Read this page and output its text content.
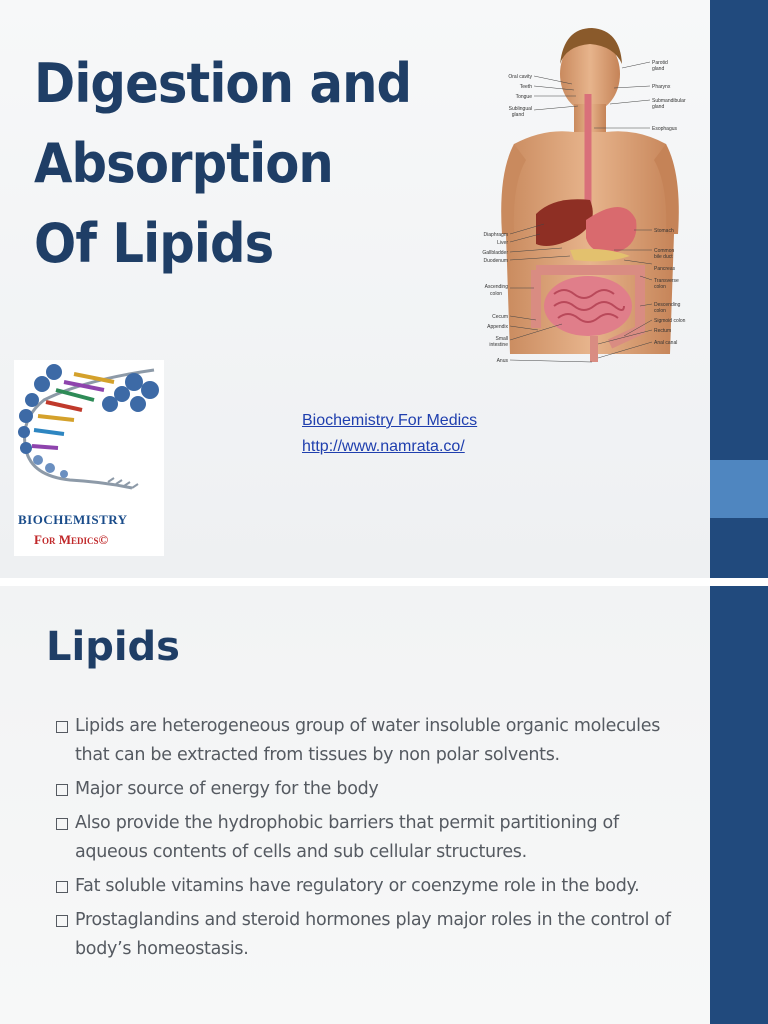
Digestion and
Absorption
Of Lipids
Oral cavity
Teeth
Tongue
Sublingual
gland
Diaphragm
Liver
Gallbladder
Duodenum
Ascending
colon
Cecum
Appendix
Small
intestine
Anus
Parotid
gland
Pharynx
Submandibular
gland
Esophagus
Stomach
Common
bile duct
Pancreas
Transverse
colon
Descending
colon
Sigmoid colon
Rectum
Anal canal
BIOCHEMISTRY
For Medics©
Biochemistry For Medics
http://www.namrata.co/
Lipids
Lipids are heterogeneous group of water insoluble organic molecules that can be extracted from tissues by non polar solvents.
Major source of energy for the body
Also provide the hydrophobic barriers that permit partitioning of aqueous contents of cells and sub cellular structures.
Fat soluble vitamins have regulatory or coenzyme role in the body.
Prostaglandins and steroid hormones play major roles in the control of body’s homeostasis.
